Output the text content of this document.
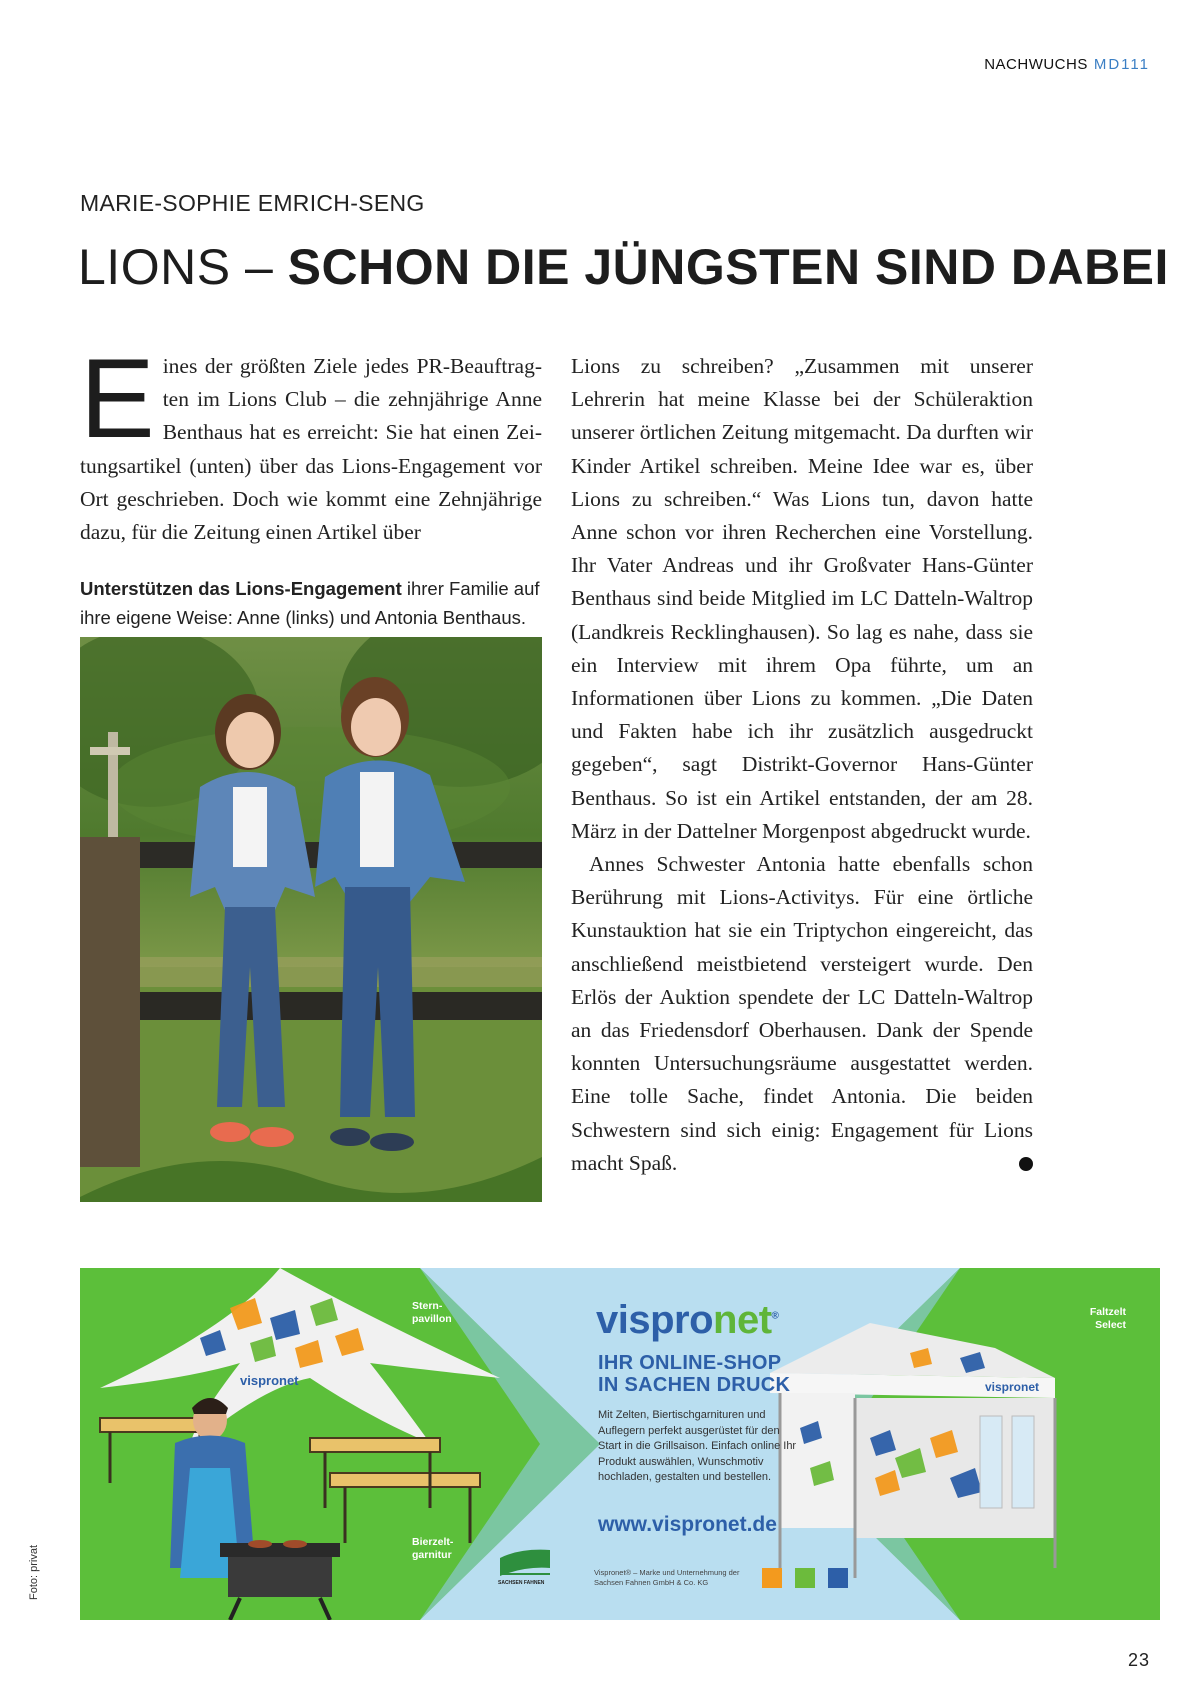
NACHWUCHS MD111
MARIE-SOPHIE EMRICH-SENG
LIONS – SCHON DIE JÜNGSTEN SIND DABEI
Eines der größten Ziele jedes PR-Beauftragten im Lions Club – die zehnjährige Anne Benthaus hat es erreicht: Sie hat einen Zeitungsartikel (unten) über das Lions-Engagement vor Ort geschrieben. Doch wie kommt eine Zehnjährige dazu, für die Zeitung einen Artikel über
Unterstützen das Lions-Engagement ihrer Familie auf ihre eigene Weise: Anne (links) und Antonia Benthaus.

Lions zu schreiben? „Zusammen mit unserer Lehrerin hat meine Klasse bei der Schüleraktion unserer örtlichen Zeitung mitgemacht. Da durften wir Kinder Artikel schreiben. Meine Idee war es, über Lions zu schreiben.“ Was Lions tun, davon hatte Anne schon vor ihren Recherchen eine Vorstellung. Ihr Vater Andreas und ihr Großvater Hans-Günter Benthaus sind beide Mitglied im LC Datteln-Waltrop (Landkreis Recklinghausen). So lag es nahe, dass sie ein Interview mit ihrem Opa führte, um an Informationen über Lions zu kommen. „Die Daten und Fakten habe ich ihr zusätzlich ausgedruckt gegeben“, sagt Distrikt-Governor Hans-Günter Benthaus. So ist ein Artikel entstanden, der am 28. März in der Dattelner Morgenpost abgedruckt wurde.

Annes Schwester Antonia hatte ebenfalls schon Berührung mit Lions-Activitys. Für eine örtliche Kunstauktion hat sie ein Triptychon eingereicht, das anschließend meistbietend versteigert wurde. Den Erlös der Auktion spendete der LC Datteln-Waltrop an das Friedensdorf Oberhausen. Dank der Spende konnten Untersuchungsräume ausgestattet werden. Eine tolle Sache, findet Antonia. Die beiden Schwestern sind sich einig: Engagement für Lions macht Spaß.	L

Foto: privat
vispronet	vispronet
Stern-
pavillon
Bierzelt-
garnitur
Faltzelt
Select
vispronet®
IHR ONLINE-SHOP
IN SACHEN DRUCK
Mit Zelten, Biertischgarnituren und Auflegern perfekt ausgerüstet für den Start in die Grillsaison. Einfach online Ihr Produkt auswählen, Wunschmotiv hochladen, gestalten und bestellen.
www.vispronet.de
SACHSEN FAHNEN
Vispronet® – Marke und Unternehmung der Sachsen Fahnen GmbH & Co. KG
23
